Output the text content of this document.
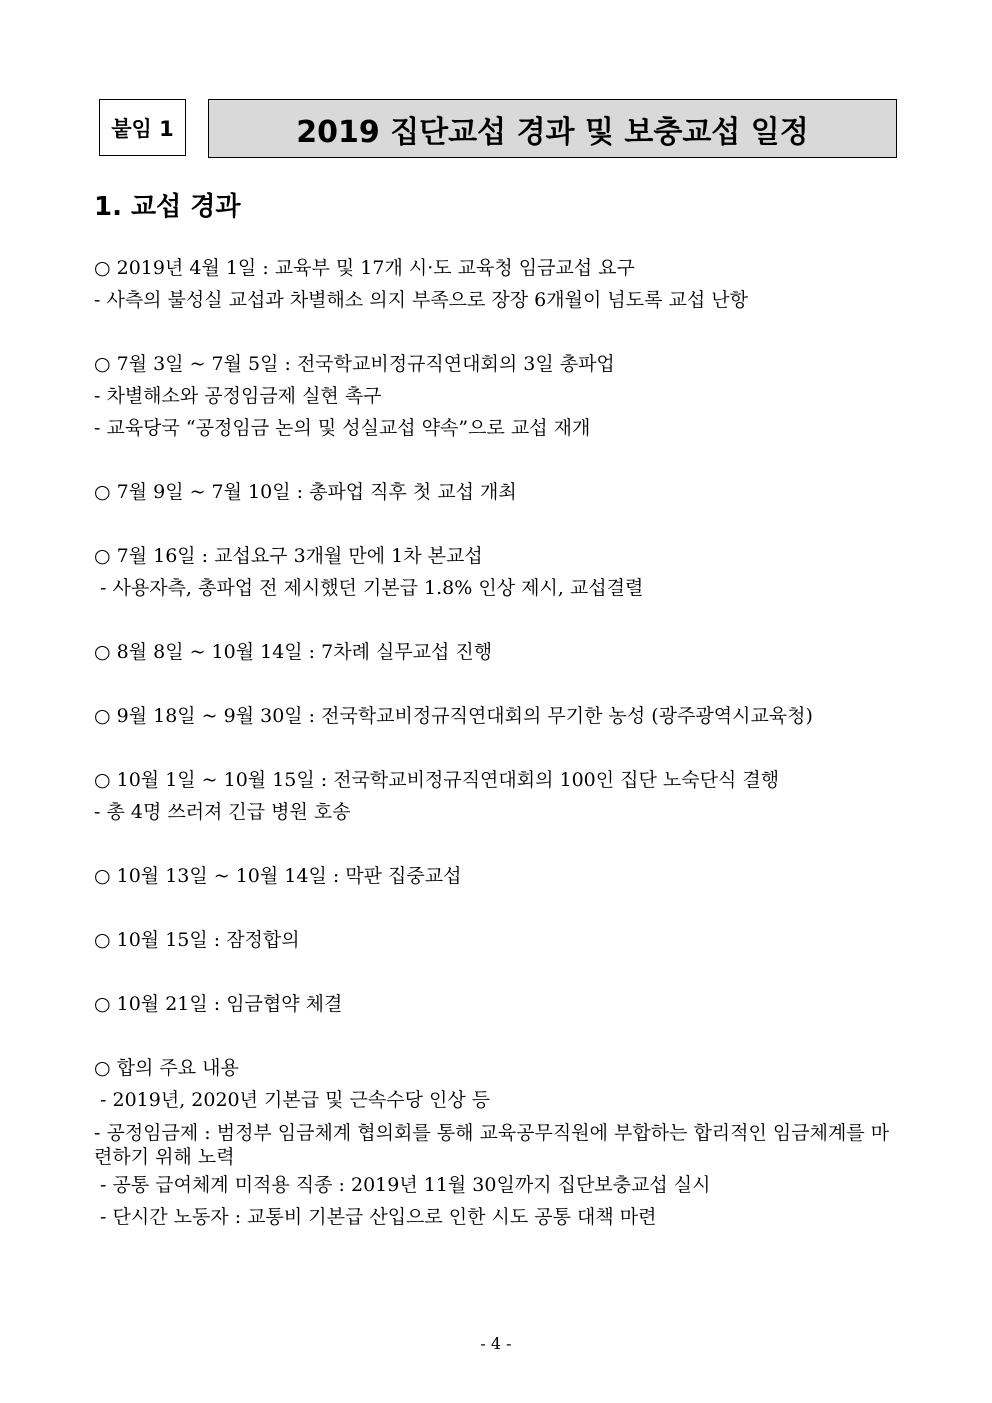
붙임 1	2019 집단교섭 경과 및 보충교섭 일정
1. 교섭 경과
○ 2019년 4월 1일 : 교육부 및 17개 시·도 교육청 임금교섭 요구
- 사측의 불성실 교섭과 차별해소 의지 부족으로 장장 6개월이 넘도록 교섭 난항
○ 7월 3일 ~ 7월 5일 : 전국학교비정규직연대회의 3일 총파업
- 차별해소와 공정임금제 실현 촉구
- 교육당국 “공정임금 논의 및 성실교섭 약속”으로 교섭 재개
○ 7월 9일 ~ 7월 10일 : 총파업 직후 첫 교섭 개최
○ 7월 16일 : 교섭요구 3개월 만에 1차 본교섭
- 사용자측, 총파업 전 제시했던 기본급 1.8% 인상 제시, 교섭결렬
○ 8월 8일 ~ 10월 14일 : 7차례 실무교섭 진행
○ 9월 18일 ~ 9월 30일 : 전국학교비정규직연대회의 무기한 농성 (광주광역시교육청)
○ 10월 1일 ~ 10월 15일 : 전국학교비정규직연대회의 100인 집단 노숙단식 결행
- 총 4명 쓰러져 긴급 병원 호송
○ 10월 13일 ~ 10월 14일 : 막판 집중교섭
○ 10월 15일 : 잠정합의
○ 10월 21일 : 임금협약 체결
○ 합의 주요 내용
- 2019년, 2020년 기본급 및 근속수당 인상 등
- 공정임금제 : 범정부 임금체계 협의회를 통해 교육공무직원에 부합하는 합리적인 임금체계를 마련하기 위해 노력
- 공통 급여체계 미적용 직종 : 2019년 11월 30일까지 집단보충교섭 실시
- 단시간 노동자 : 교통비 기본급 산입으로 인한 시도 공통 대책 마련
- 4 -
